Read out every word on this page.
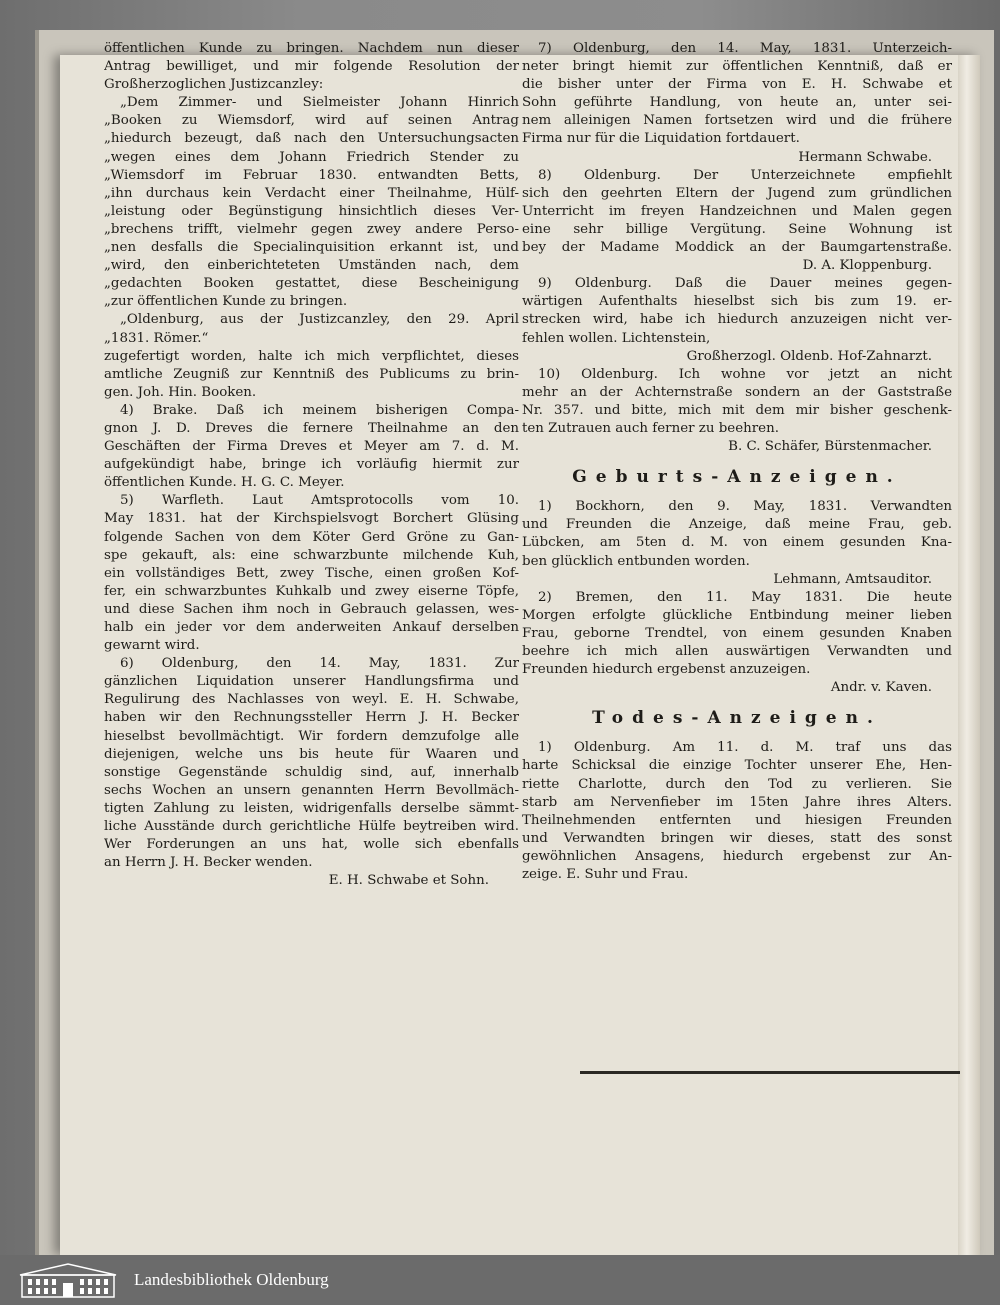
öffentlichen Kunde zu bringen. Nachdem nun dieser
Antrag bewilliget, und mir folgende Resolution der
Großherzoglichen Justizcanzley:
„Dem Zimmer- und Sielmeister Johann Hinrich
„Booken zu Wiemsdorf, wird auf seinen Antrag
„hiedurch bezeugt, daß nach den Untersuchungsacten
„wegen eines dem Johann Friedrich Stender zu
„Wiemsdorf im Februar 1830. entwandten Betts,
„ihn durchaus kein Verdacht einer Theilnahme, Hülf-
„leistung oder Begünstigung hinsichtlich dieses Ver-
„brechens trifft, vielmehr gegen zwey andere Perso-
„nen desfalls die Specialinquisition erkannt ist, und
„wird, den einberichteteten Umständen nach, dem
„gedachten Booken gestattet, diese Bescheinigung
„zur öffentlichen Kunde zu bringen.
„Oldenburg, aus der Justizcanzley, den 29. April
„1831. Römer.“
zugefertigt worden, halte ich mich verpflichtet, dieses
amtliche Zeugniß zur Kenntniß des Publicums zu brin-
gen. Joh. Hin. Booken.
4) Brake. Daß ich meinem bisherigen Compa-
gnon J. D. Dreves die fernere Theilnahme an den
Geschäften der Firma Dreves et Meyer am 7. d. M.
aufgekündigt habe, bringe ich vorläufig hiermit zur
öffentlichen Kunde. H. G. C. Meyer.
5) Warfleth. Laut Amtsprotocolls vom 10.
May 1831. hat der Kirchspielsvogt Borchert Glüsing
folgende Sachen von dem Köter Gerd Gröne zu Gan-
spe gekauft, als: eine schwarzbunte milchende Kuh,
ein vollständiges Bett, zwey Tische, einen großen Kof-
fer, ein schwarzbuntes Kuhkalb und zwey eiserne Töpfe,
und diese Sachen ihm noch in Gebrauch gelassen, wes-
halb ein jeder vor dem anderweiten Ankauf derselben
gewarnt wird.
6) Oldenburg, den 14. May, 1831. Zur
gänzlichen Liquidation unserer Handlungsfirma und
Regulirung des Nachlasses von weyl. E. H. Schwabe,
haben wir den Rechnungssteller Herrn J. H. Becker
hieselbst bevollmächtigt. Wir fordern demzufolge alle
diejenigen, welche uns bis heute für Waaren und
sonstige Gegenstände schuldig sind, auf, innerhalb
sechs Wochen an unsern genannten Herrn Bevollmäch-
tigten Zahlung zu leisten, widrigenfalls derselbe sämmt-
liche Ausstände durch gerichtliche Hülfe beytreiben wird.
Wer Forderungen an uns hat, wolle sich ebenfalls
an Herrn J. H. Becker wenden.
E. H. Schwabe et Sohn.
7) Oldenburg, den 14. May, 1831. Unterzeich-
neter bringt hiemit zur öffentlichen Kenntniß, daß er
die bisher unter der Firma von E. H. Schwabe et
Sohn geführte Handlung, von heute an, unter sei-
nem alleinigen Namen fortsetzen wird und die frühere
Firma nur für die Liquidation fortdauert.
Hermann Schwabe.
8) Oldenburg. Der Unterzeichnete empfiehlt
sich den geehrten Eltern der Jugend zum gründlichen
Unterricht im freyen Handzeichnen und Malen gegen
eine sehr billige Vergütung. Seine Wohnung ist
bey der Madame Moddick an der Baumgartenstraße.
D. A. Kloppenburg.
9) Oldenburg. Daß die Dauer meines gegen-
wärtigen Aufenthalts hieselbst sich bis zum 19. er-
strecken wird, habe ich hiedurch anzuzeigen nicht ver-
fehlen wollen. Lichtenstein,
Großherzogl. Oldenb. Hof-Zahnarzt.
10) Oldenburg. Ich wohne vor jetzt an nicht
mehr an der Achternstraße sondern an der Gaststraße
Nr. 357. und bitte, mich mit dem mir bisher geschenk-
ten Zutrauen auch ferner zu beehren.
B. C. Schäfer, Bürstenmacher.
Geburts-Anzeigen.
1) Bockhorn, den 9. May, 1831. Verwandten
und Freunden die Anzeige, daß meine Frau, geb.
Lübcken, am 5ten d. M. von einem gesunden Kna-
ben glücklich entbunden worden.
Lehmann, Amtsauditor.
2) Bremen, den 11. May 1831. Die heute
Morgen erfolgte glückliche Entbindung meiner lieben
Frau, geborne Trendtel, von einem gesunden Knaben
beehre ich mich allen auswärtigen Verwandten und
Freunden hiedurch ergebenst anzuzeigen.
Andr. v. Kaven.
Todes-Anzeigen.
1) Oldenburg. Am 11. d. M. traf uns das
harte Schicksal die einzige Tochter unserer Ehe, Hen-
riette Charlotte, durch den Tod zu verlieren. Sie
starb am Nervenfieber im 15ten Jahre ihres Alters.
Theilnehmenden entfernten und hiesigen Freunden
und Verwandten bringen wir dieses, statt des sonst
gewöhnlichen Ansagens, hiedurch ergebenst zur An-
zeige. E. Suhr und Frau.
Landesbibliothek Oldenburg
